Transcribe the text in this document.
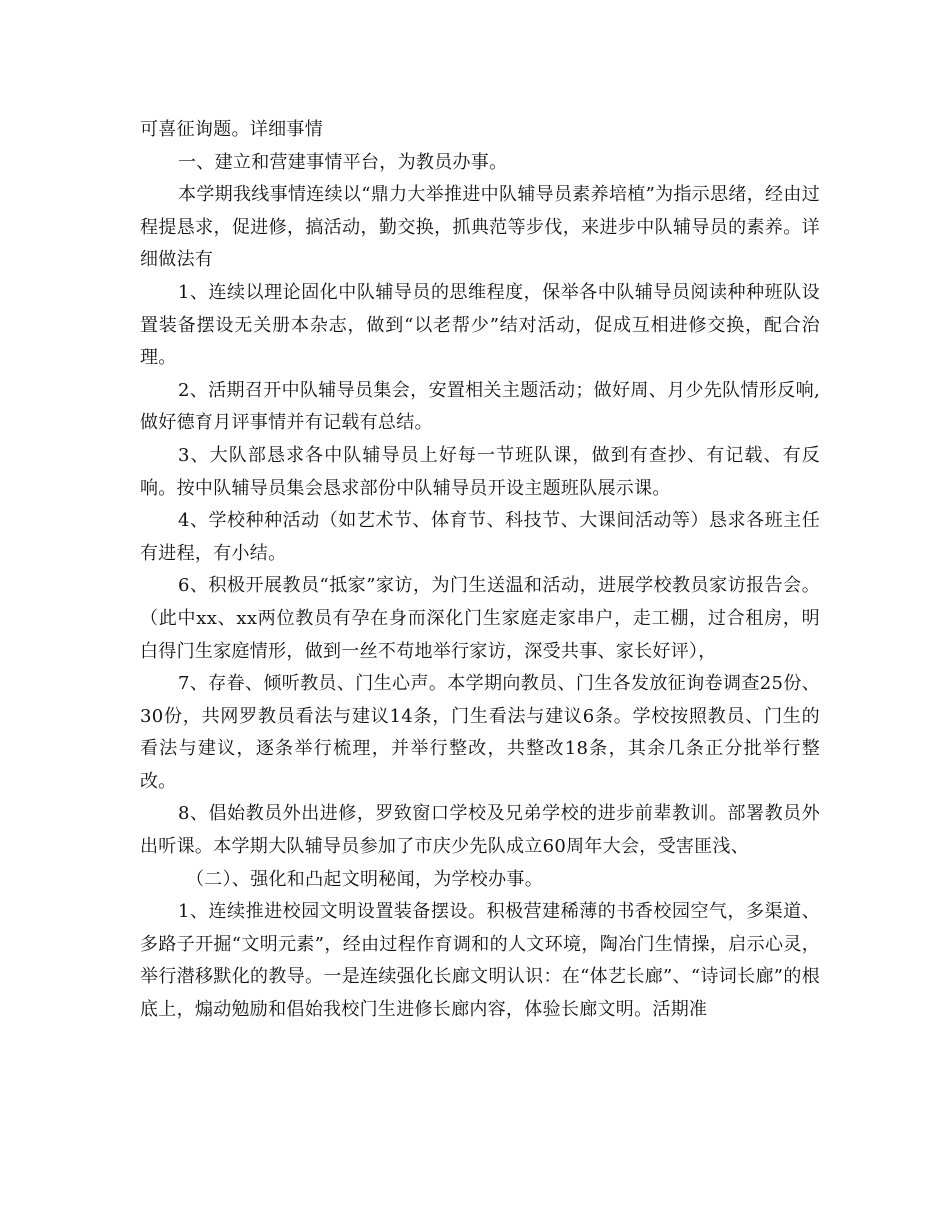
可喜征询题。详细事情

一、建立和营建事情平台，为教员办事。

本学期我线事情连续以“鼎力大举推进中队辅导员素养培植”为指示思绪，经由过程提恳求，促进修，搞活动，勤交换，抓典范等步伐，来进步中队辅导员的素养。详细做法有

1、连续以理论固化中队辅导员的思维程度，保举各中队辅导员阅读种种班队设置装备摆设无关册本杂志，做到“以老帮少”结对活动，促成互相进修交换，配合治理。

2、活期召开中队辅导员集会，安置相关主题活动；做好周、月少先队情形反响,做好德育月评事情并有记载有总结。

3、大队部恳求各中队辅导员上好每一节班队课，做到有查抄、有记载、有反响。按中队辅导员集会恳求部份中队辅导员开设主题班队展示课。

4、学校种种活动（如艺术节、体育节、科技节、大课间活动等）恳求各班主任有进程，有小结。

6、积极开展教员“抵家”家访，为门生送温和活动，进展学校教员家访报告会。（此中xx、xx两位教员有孕在身而深化门生家庭走家串户，走工棚，过合租房，明白得门生家庭情形，做到一丝不苟地举行家访，深受共事、家长好评），

7、存眷、倾听教员、门生心声。本学期向教员、门生各发放征询卷调查25份、30份，共网罗教员看法与建议14条，门生看法与建议6条。学校按照教员、门生的看法与建议，逐条举行梳理，并举行整改，共整改18条，其余几条正分批举行整改。

8、倡始教员外出进修，罗致窗口学校及兄弟学校的进步前辈教训。部署教员外出听课。本学期大队辅导员参加了市庆少先队成立60周年大会，受害匪浅、

（二）、强化和凸起文明秘闻，为学校办事。

1、连续推进校园文明设置装备摆设。积极营建稀薄的书香校园空气，多渠道、多路子开掘“文明元素”，经由过程作育调和的人文环境，陶冶门生情操，启示心灵，举行潜移默化的教导。一是连续强化长廊文明认识：在“体艺长廊”、“诗词长廊”的根底上，煽动勉励和倡始我校门生进修长廊内容，体验长廊文明。活期准
